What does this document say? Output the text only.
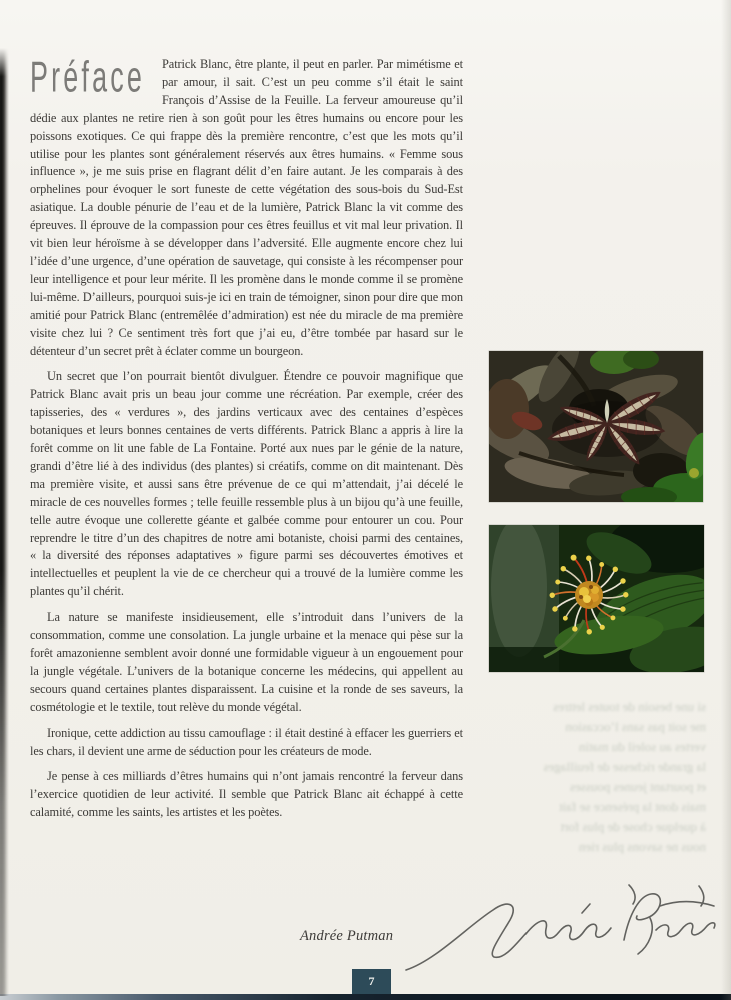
Préface	Patrick Blanc, être plante, il peut en parler. Par mimétisme et par amour, il sait. C’est un peu comme s’il était le saint François d’Assise de la Feuille. La ferveur amoureuse qu’il dédie aux plantes ne retire rien à son goût pour les êtres humains ou encore pour les poissons exotiques. Ce qui frappe dès la première rencontre, c’est que les mots qu’il utilise pour les plantes sont généralement réservés aux êtres humains. « Femme sous influence », je me suis prise en flagrant délit d’en faire autant. Je les comparais à des orphelines pour évoquer le sort funeste de cette végétation des sous-bois du Sud-Est asiatique. La double pénurie de l’eau et de la lumière, Patrick Blanc la vit comme des épreuves. Il éprouve de la compassion pour ces êtres feuillus et vit mal leur privation. Il vit bien leur héroïsme à se développer dans l’adversité. Elle augmente encore chez lui l’idée d’une urgence, d’une opération de sauvetage, qui consiste à les récompenser pour leur intelligence et pour leur mérite. Il les promène dans le monde comme il se promène lui-même. D’ailleurs, pourquoi suis-je ici en train de témoigner, sinon pour dire que mon amitié pour Patrick Blanc (entremêlée d’admiration) est née du miracle de ma première visite chez lui ? Ce sentiment très fort que j’ai eu, d’être tombée par hasard sur le détenteur d’un secret prêt à éclater comme un bourgeon.

Un secret que l’on pourrait bientôt divulguer. Étendre ce pouvoir magnifique que Patrick Blanc avait pris un beau jour comme une récréation. Par exemple, créer des tapisseries, des « verdures », des jardins verticaux avec des centaines d’espèces botaniques et leurs bonnes centaines de verts différents. Patrick Blanc a appris à lire la forêt comme on lit une fable de La Fontaine. Porté aux nues par le génie de la nature, grandi d’être lié à des individus (des plantes) si créatifs, comme on dit maintenant. Dès ma première visite, et aussi sans être prévenue de ce qui m’attendait, j’ai décelé le miracle de ces nouvelles formes ; telle feuille ressemble plus à un bijou qu’à une feuille, telle autre évoque une collerette géante et galbée comme pour entourer un cou. Pour reprendre le titre d’un des chapitres de notre ami botaniste, choisi parmi des centaines, « la diversité des réponses adaptatives » figure parmi ses découvertes émotives et intellectuelles et peuplent la vie de ce chercheur qui a trouvé de la lumière comme les plantes qu’il chérit.

La nature se manifeste insidieusement, elle s’introduit dans l’univers de la consommation, comme une consolation. La jungle urbaine et la menace qui pèse sur la forêt amazonienne semblent avoir donné une formidable vigueur à un engouement pour la jungle végétale. L’univers de la botanique concerne les médecins, qui appellent au secours quand certaines plantes disparaissent. La cuisine et la ronde de ses saveurs, la cosmétologie et le textile, tout relève du monde végétal.

Ironique, cette addiction au tissu camouflage : il était destiné à effacer les guerriers et les chars, il devient une arme de séduction pour les créateurs de mode.

Je pense à ces milliards d’êtres humains qui n’ont jamais rencontré la ferveur dans l’exercice quotidien de leur activité. Il semble que Patrick Blanc ait échappé à cette calamité, comme les saints, les artistes et les poètes.

si une besoin de toutes lettres
me soit pas sans l’occasion
vertes au soleil du matin
la grande richesse de feuillages
et pourtant jeunes pousses
mais dont la présence se fait
à quelque chose de plus fort
nous ne savons plus rien
Andrée Putman
7
